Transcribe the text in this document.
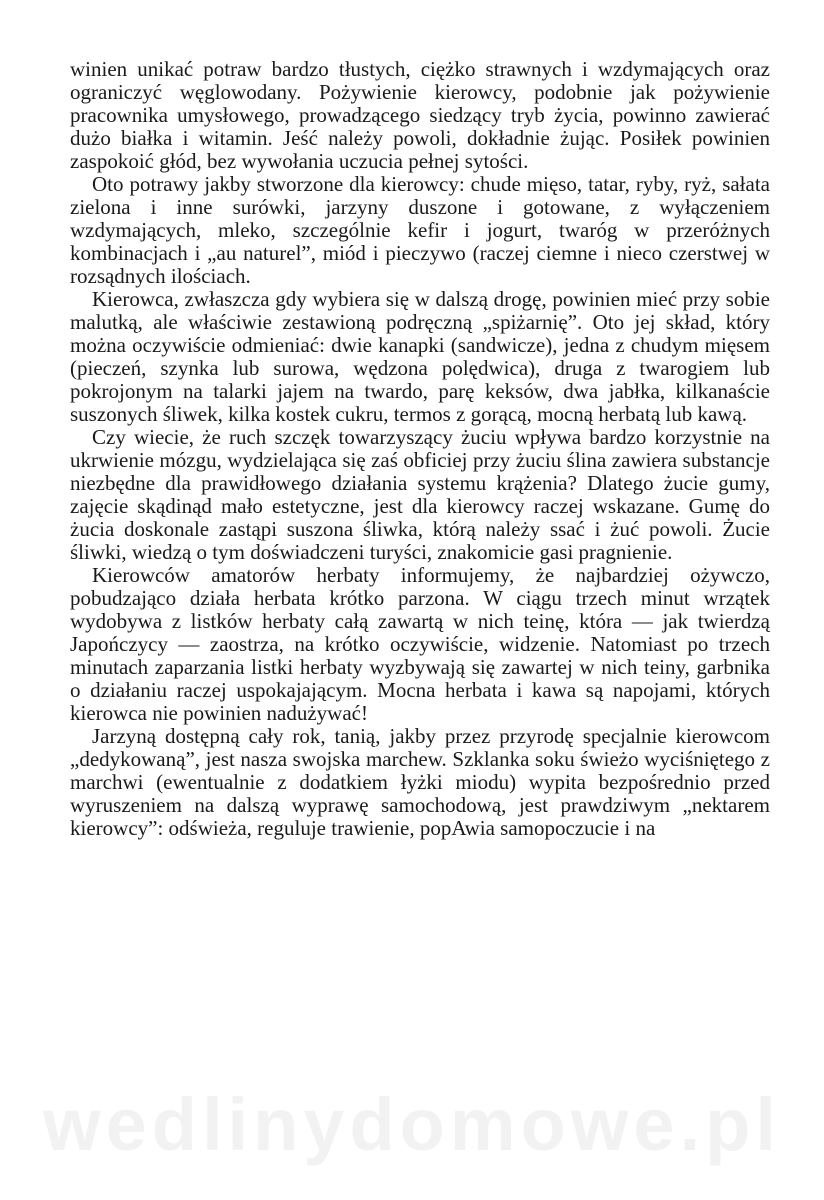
winien unikać potraw bardzo tłustych, ciężko strawnych i wzdymających oraz ograniczyć węglowodany. Pożywienie kierowcy, podobnie jak pożywienie pracownika umysłowego, prowadzącego siedzący tryb życia, powinno zawierać dużo białka i witamin. Jeść należy powoli, dokładnie żując. Posiłek powinien zaspokoić głód, bez wywołania uczucia pełnej sytości.

Oto potrawy jakby stworzone dla kierowcy: chude mięso, tatar, ryby, ryż, sałata zielona i inne surówki, jarzyny duszone i gotowane, z wyłączeniem wzdymających, mleko, szczególnie kefir i jogurt, twaróg w przeróżnych kombinacjach i „au naturel”, miód i pieczywo (raczej ciemne i nieco czerstwej w rozsądnych ilościach.

Kierowca, zwłaszcza gdy wybiera się w dalszą drogę, powinien mieć przy sobie malutką, ale właściwie zestawioną podręczną „spiżarnię”. Oto jej skład, który można oczywiście odmieniać: dwie kanapki (sandwicze), jedna z chudym mięsem (pieczeń, szynka lub surowa, wędzona polędwica), druga z twarogiem lub pokrojonym na talarki jajem na twardo, parę keksów, dwa jabłka, kilkanaście suszonych śliwek, kilka kostek cukru, termos z gorącą, mocną herbatą lub kawą.

Czy wiecie, że ruch szczęk towarzyszący żuciu wpływa bardzo korzystnie na ukrwienie mózgu, wydzielająca się zaś obficiej przy żuciu ślina zawiera substancje niezbędne dla prawidłowego działania systemu krążenia? Dlatego żucie gumy, zajęcie skądinąd mało estetyczne, jest dla kierowcy raczej wskazane. Gumę do żucia doskonale zastąpi suszona śliwka, którą należy ssać i żuć powoli. Żucie śliwki, wiedzą o tym doświadczeni turyści, znakomicie gasi pragnienie.

Kierowców amatorów herbaty informujemy, że najbardziej ożywczo, pobudzająco działa herbata krótko parzona. W ciągu trzech minut wrzątek wydobywa z listków herbaty całą zawartą w nich teinę, która — jak twierdzą Japończycy — zaostrza, na krótko oczywiście, widzenie. Natomiast po trzech minutach zaparzania listki herbaty wyzbywają się zawartej w nich teiny, garbnika o działaniu raczej uspokajającym. Mocna herbata i kawa są napojami, których kierowca nie powinien nadużywać!

Jarzyną dostępną cały rok, tanią, jakby przez przyrodę specjalnie kierowcom „dedykowaną”, jest nasza swojska marchew. Szklanka soku świeżo wyciśniętego z marchwi (ewentualnie z dodatkiem łyżki miodu) wypita bezpośrednio przed wyruszeniem na dalszą wyprawę samochodową, jest prawdziwym „nektarem kierowcy”: odświeża, reguluje trawienie, popAwia samopoczucie i na

wedlinydomowe.pl
